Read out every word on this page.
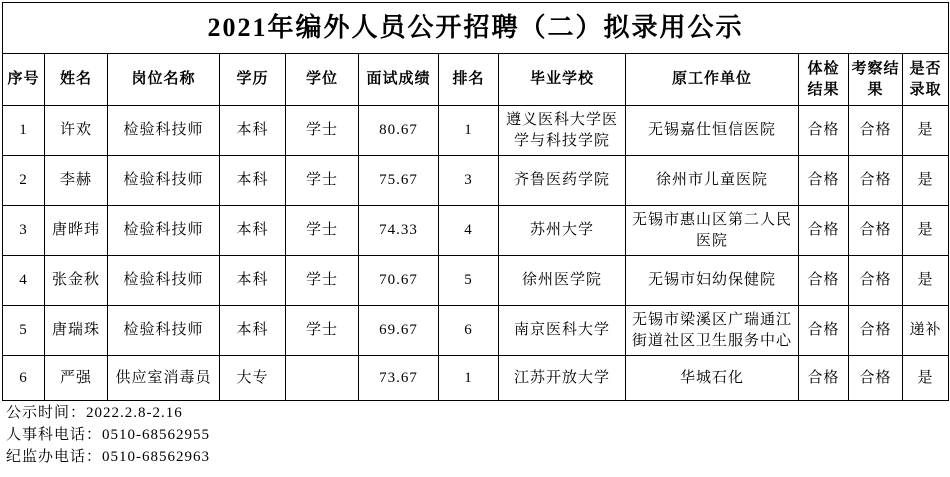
2021年编外人员公开招聘（二）拟录用公示											
序号	姓名	岗位名称	学历	学位	面试成绩	排名	毕业学校	原工作单位	体检结果	考察结果	是否录取
1	许欢	检验科技师	本科	学士	80.67	1	遵义医科大学医学与科技学院	无锡嘉仕恒信医院	合格	合格	是
2	李赫	检验科技师	本科	学士	75.67	3	齐鲁医药学院	徐州市儿童医院	合格	合格	是
3	唐晔玮	检验科技师	本科	学士	74.33	4	苏州大学	无锡市惠山区第二人民医院	合格	合格	是
4	张金秋	检验科技师	本科	学士	70.67	5	徐州医学院	无锡市妇幼保健院	合格	合格	是
5	唐瑞珠	检验科技师	本科	学士	69.67	6	南京医科大学	无锡市梁溪区广瑞通江街道社区卫生服务中心	合格	合格	递补
6	严强	供应室消毒员	大专		73.67	1	江苏开放大学	华城石化	合格	合格	是
公示时间：2022.2.8-2.16
人事科电话：0510-68562955
纪监办电话：0510-68562963
